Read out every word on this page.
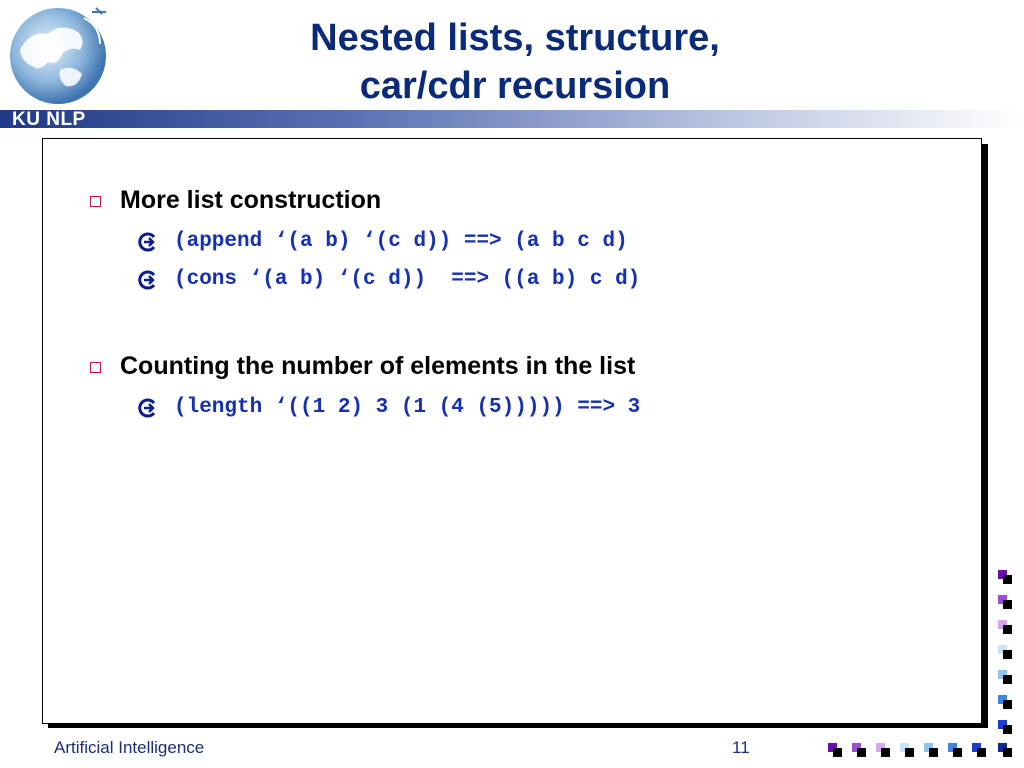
Nested lists, structure,
car/cdr recursion
KU NLP
More list construction
(append ‘(a b) ‘(c d)) ==> (a b c d)
(cons ‘(a b) ‘(c d))  ==> ((a b) c d)
Counting the number of elements in the list
(length ‘((1 2) 3 (1 (4 (5))))) ==> 3
Artificial Intelligence	11
